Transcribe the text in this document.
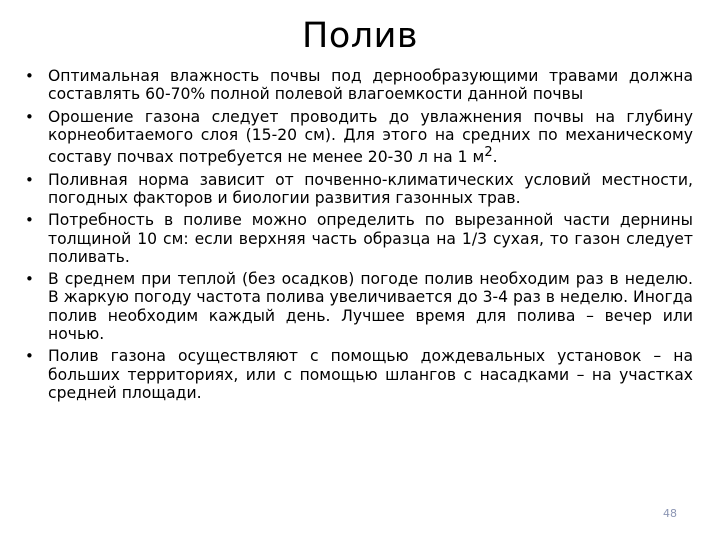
Полив
• Оптимальная влажность почвы под дернообразующими травами должна составлять 60-70% полной полевой влагоемкости данной почвы
• Орошение газона следует проводить до увлажнения почвы на глубину корнеобитаемого слоя (15-20 см). Для этого на средних по механическому составу почвах потребуется не менее 20-30 л на 1 $м^2$.
• Поливная норма зависит от почвенно-климатических условий местности, погодных факторов и биологии развития газонных трав.
• Потребность в поливе можно определить по вырезанной части дернины толщиной 10 см: если верхняя часть образца на 1/3 сухая, то газон следует поливать.
• В среднем при теплой (без осадков) погоде полив необходим раз в неделю. В жаркую погоду частота полива увеличивается до 3-4 раз в неделю. Иногда полив необходим каждый день. Лучшее время для полива – вечер или ночью.
• Полив газона осуществляют с помощью дождевальных установок – на больших территориях, или с помощью шлангов с насадками – на участках средней площади.
48
